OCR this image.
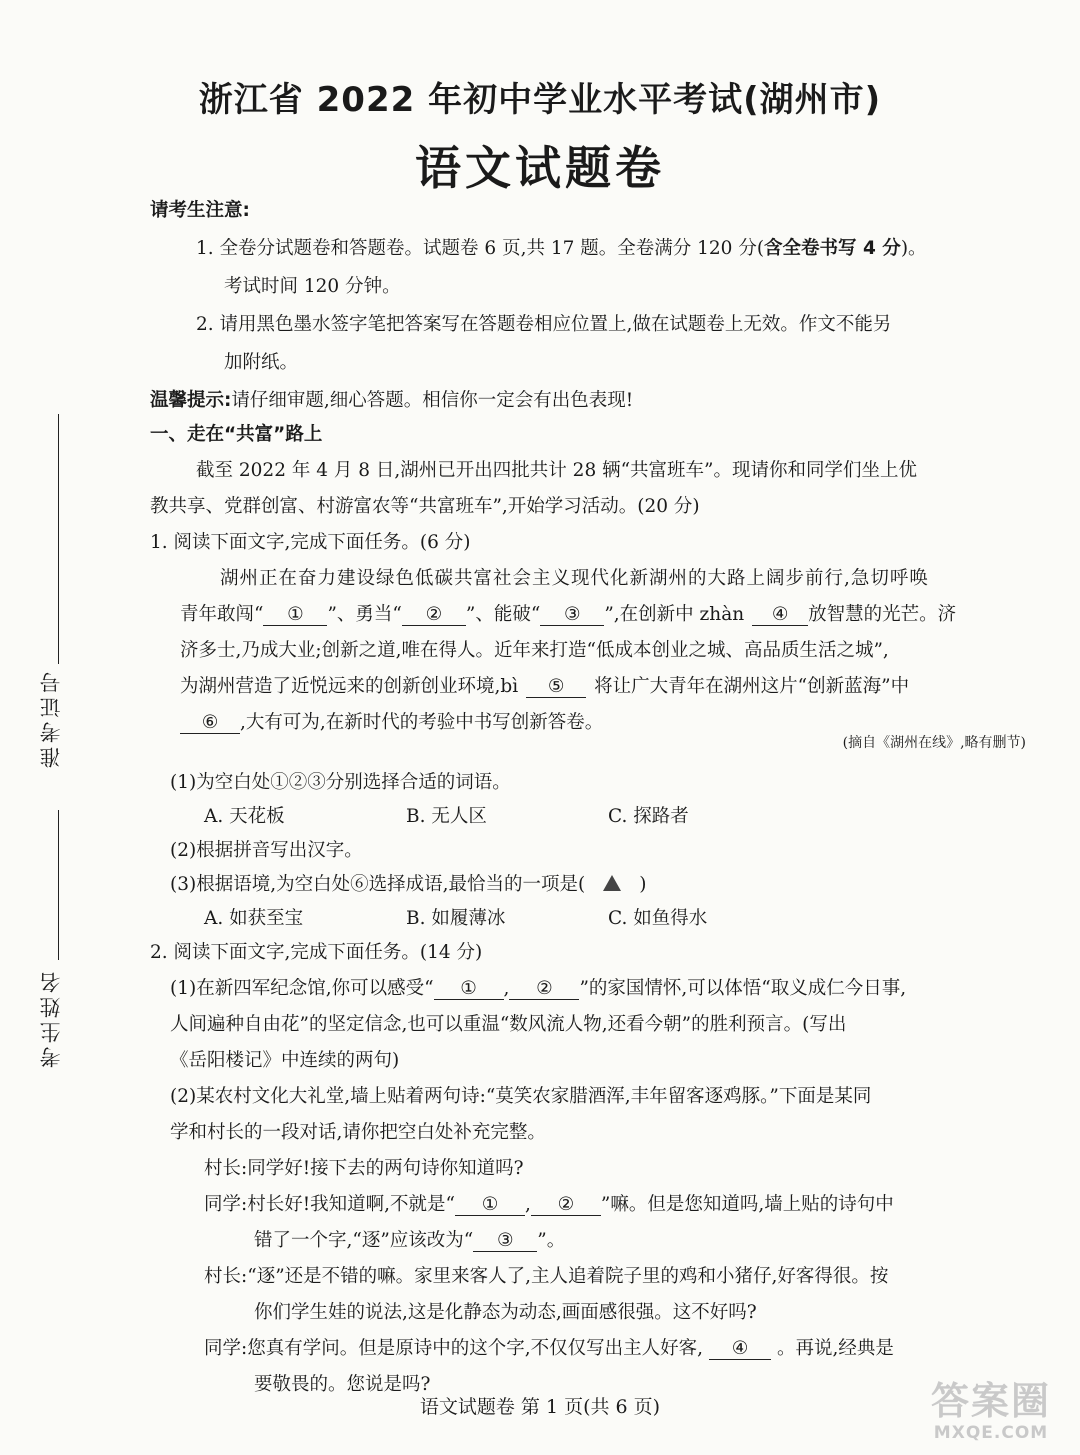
浙江省 2022 年初中学业水平考试(湖州市)
语文试题卷
准考证号
考生姓名
请考生注意:
1. 全卷分试题卷和答题卷。试题卷 6 页,共 17 题。全卷满分 120 分(含全卷书写 4 分)。
考试时间 120 分钟。
2. 请用黑色墨水签字笔把答案写在答题卷相应位置上,做在试题卷上无效。作文不能另
加附纸。
温馨提示:请仔细审题,细心答题。相信你一定会有出色表现!
一、走在“共富”路上
截至 2022 年 4 月 8 日,湖州已开出四批共计 28 辆“共富班车”。现请你和同学们坐上优
教共享、党群创富、村游富农等“共富班车”,开始学习活动。(20 分)
1. 阅读下面文字,完成下面任务。(6 分)
湖州正在奋力建设绿色低碳共富社会主义现代化新湖州的大路上阔步前行,急切呼唤
青年敢闯“ ① ”、勇当“ ② ”、能破“ ③ ”,在创新中 zhàn ④ 放智慧的光芒。济
济多士,乃成大业;创新之道,唯在得人。近年来打造“低成本创业之城、高品质生活之城”,
为湖州营造了近悦远来的创新创业环境,bì ⑤ 将让广大青年在湖州这片“创新蓝海”中
⑥ ,大有可为,在新时代的考验中书写创新答卷。
(摘自《湖州在线》,略有删节)
(1)为空白处①②③分别选择合适的词语。
A. 天花板	B. 无人区	C. 探路者
(2)根据拼音写出汉字。
(3)根据语境,为空白处⑥选择成语,最恰当的一项是(	)
A. 如获至宝	B. 如履薄冰	C. 如鱼得水
2. 阅读下面文字,完成下面任务。(14 分)
(1)在新四军纪念馆,你可以感受“ ① , ② ”的家国情怀,可以体悟“取义成仁今日事,
人间遍种自由花”的坚定信念,也可以重温“数风流人物,还看今朝”的胜利预言。(写出
《岳阳楼记》中连续的两句)
(2)某农村文化大礼堂,墙上贴着两句诗:“莫笑农家腊酒浑,丰年留客逐鸡豚。”下面是某同
学和村长的一段对话,请你把空白处补充完整。
村长:同学好!接下去的两句诗你知道吗?
同学:村长好!我知道啊,不就是“ ① , ② ”嘛。但是您知道吗,墙上贴的诗句中
错了一个字,“逐”应该改为“ ③ ”。
村长:“逐”还是不错的嘛。家里来客人了,主人追着院子里的鸡和小猪仔,好客得很。按
你们学生娃的说法,这是化静态为动态,画面感很强。这不好吗?
同学:您真有学问。但是原诗中的这个字,不仅仅写出主人好客, ④ 。再说,经典是
要敬畏的。您说是吗?
语文试题卷 第 1 页(共 6 页)	答案圈
MXQE.COM
